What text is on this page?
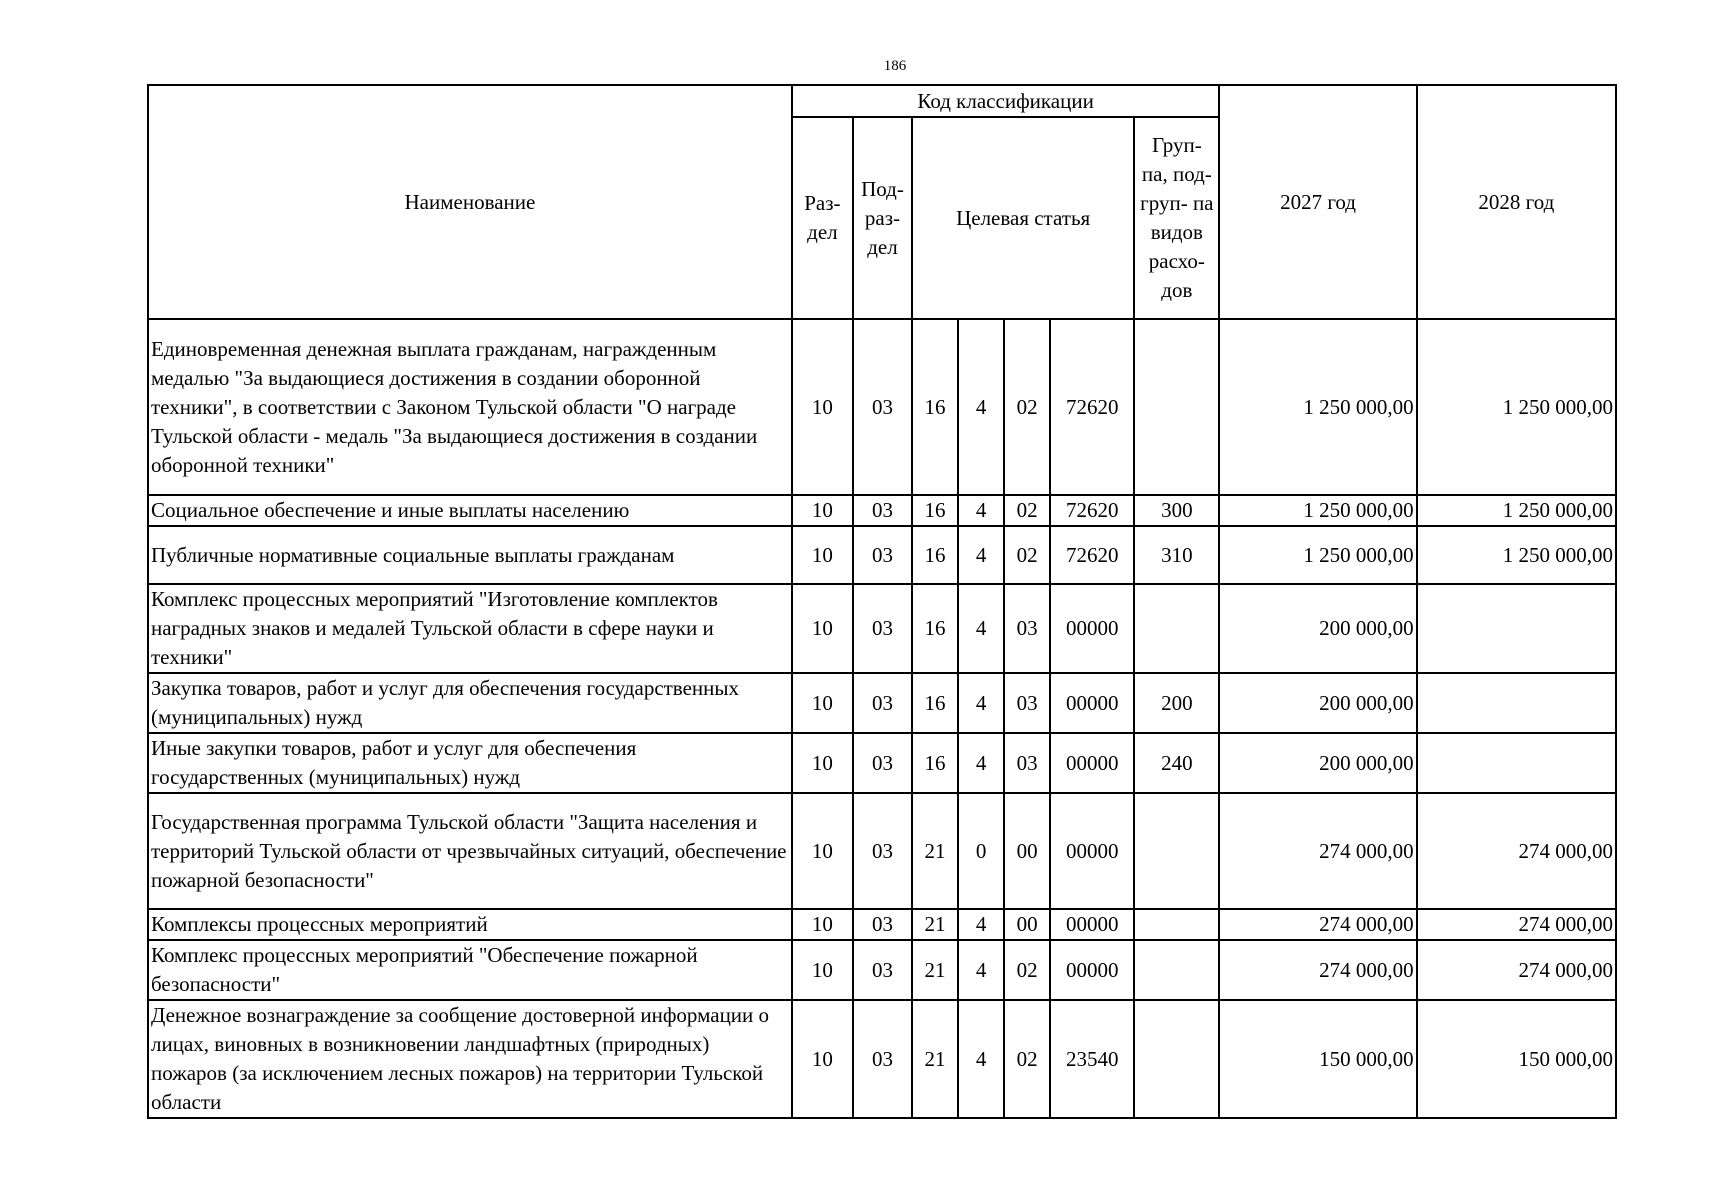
186
Наименование	Код классификации							2027 год	2028 год
	Раз- дел	Под- раз- дел	Целевая статья				Груп- па, под- груп- па видов расхо- дов		
Единовременная денежная выплата гражданам, награжденным медалью "За выдающиеся достижения в создании оборонной техники", в соответствии с Законом Тульской области "О награде Тульской области - медаль "За выдающиеся достижения в создании оборонной техники"	10	03	16	4	02	72620		1 250 000,00	1 250 000,00
Социальное обеспечение и иные выплаты населению	10	03	16	4	02	72620	300	1 250 000,00	1 250 000,00
Публичные нормативные социальные выплаты гражданам	10	03	16	4	02	72620	310	1 250 000,00	1 250 000,00
Комплекс процессных мероприятий "Изготовление комплектов наградных знаков и медалей Тульской области в сфере науки и техники"	10	03	16	4	03	00000		200 000,00	
Закупка товаров, работ и услуг для обеспечения государственных (муниципальных) нужд	10	03	16	4	03	00000	200	200 000,00	
Иные закупки товаров, работ и услуг для обеспечения государственных (муниципальных) нужд	10	03	16	4	03	00000	240	200 000,00	
Государственная программа Тульской области "Защита населения и территорий Тульской области от чрезвычайных ситуаций, обеспечение пожарной безопасности"	10	03	21	0	00	00000		274 000,00	274 000,00
Комплексы процессных мероприятий	10	03	21	4	00	00000		274 000,00	274 000,00
Комплекс процессных мероприятий "Обеспечение пожарной безопасности"	10	03	21	4	02	00000		274 000,00	274 000,00
Денежное вознаграждение за сообщение достоверной информации о лицах, виновных в возникновении ландшафтных (природных) пожаров (за исключением лесных пожаров) на территории Тульской области	10	03	21	4	02	23540		150 000,00	150 000,00
